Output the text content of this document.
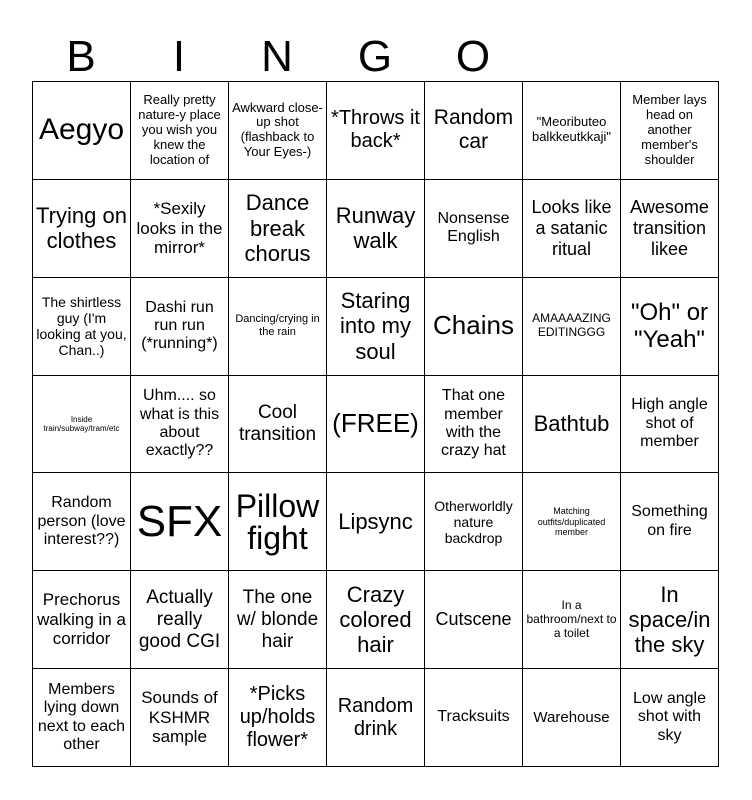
B I N G O
Aegyo
Really pretty nature-y place you wish you knew the location of
Awkward close-up shot (flashback to Your Eyes-)
*Throws it back*
Random car
"Meoributeo balkkeutkkaji"
Member lays head on another member's shoulder
Trying on clothes
*Sexily looks in the mirror*
Dance break chorus
Runway walk
Nonsense English
Looks like a satanic ritual
Awesome transition likee
The shirtless guy (I'm looking at you, Chan..)
Dashi run run run (*running*)
Dancing/crying in the rain
Staring into my soul
Chains	AMAAAAZING EDITINGGG
"Oh" or "Yeah"
Inside train/subway/tram/etc
Uhm.... so what is this about exactly??
Cool transition (FREE)
That one member with the crazy hat
Bathtub
High angle shot of member
Random person (love interest??) SFX Pillow fight	Lipsync
Otherworldly nature backdrop
Matching outfits/duplicated member
Something on fire
Prechorus walking in a corridor
Actually really good CGI
The one w/ blonde hair
Crazy colored hair
Cutscene
In a bathroom/next to a toilet
In space/in the sky
Members lying down next to each other
Sounds of KSHMR sample
*Picks up/holds flower*
Random drink
Tracksuits Warehouse
Low angle shot with sky
